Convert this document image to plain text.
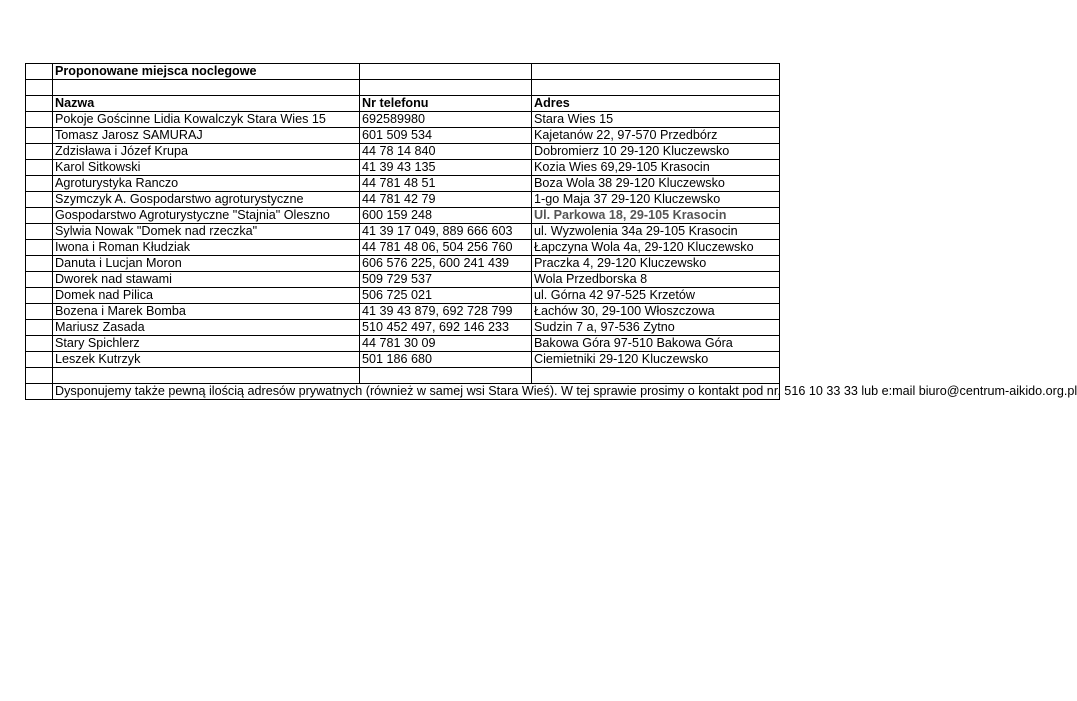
	Proponowane miejsca noclegowe		

	Nazwa	Nr telefonu	Adres
	Pokoje Gościnne Lidia Kowalczyk Stara Wies 15	692589980	Stara Wies 15
	Tomasz Jarosz SAMURAJ	601 509 534	Kajetanów 22, 97-570 Przedbórz
	Zdzisława i Józef Krupa	44 78 14 840	Dobromierz 10 29-120 Kluczewsko
	Karol Sitkowski	41 39 43 135	Kozia Wies 69,29-105 Krasocin
	Agroturystyka Ranczo	44 781 48 51	Boza Wola 38 29-120 Kluczewsko
	Szymczyk A. Gospodarstwo agroturystyczne	44 781 42 79	1-go Maja 37 29-120 Kluczewsko
	Gospodarstwo Agroturystyczne "Stajnia" Oleszno	600 159 248	Ul. Parkowa 18, 29-105 Krasocin
	Sylwia Nowak "Domek nad rzeczka"	41 39 17 049, 889 666 603	ul. Wyzwolenia 34a 29-105 Krasocin
	Iwona i Roman Kłudziak	44 781 48 06, 504 256 760	Łapczyna Wola 4a, 29-120 Kluczewsko
	Danuta i Lucjan Moron	606 576 225, 600 241 439	Praczka 4, 29-120 Kluczewsko
	Dworek nad stawami	509 729 537	Wola Przedborska 8
	Domek nad Pilica	506 725 021	ul. Górna 42 97-525 Krzetów
	Bozena i Marek Bomba	41 39 43 879, 692 728 799	Łachów 30, 29-100 Włoszczowa
	Mariusz Zasada	510 452 497, 692 146 233	Sudzin 7 a, 97-536 Zytno
	Stary Spichlerz	44 781 30 09	Bakowa Góra 97-510 Bakowa Góra
	Leszek Kutrzyk	501 186 680	Ciemietniki 29-120 Kluczewsko

	Dysponujemy także pewną ilością adresów prywatnych (również w samej wsi Stara Wieś). W tej sprawie prosimy o kontakt pod nr. 516 10 33 33 lub e:mail biuro@centrum-aikido.org.pl		
